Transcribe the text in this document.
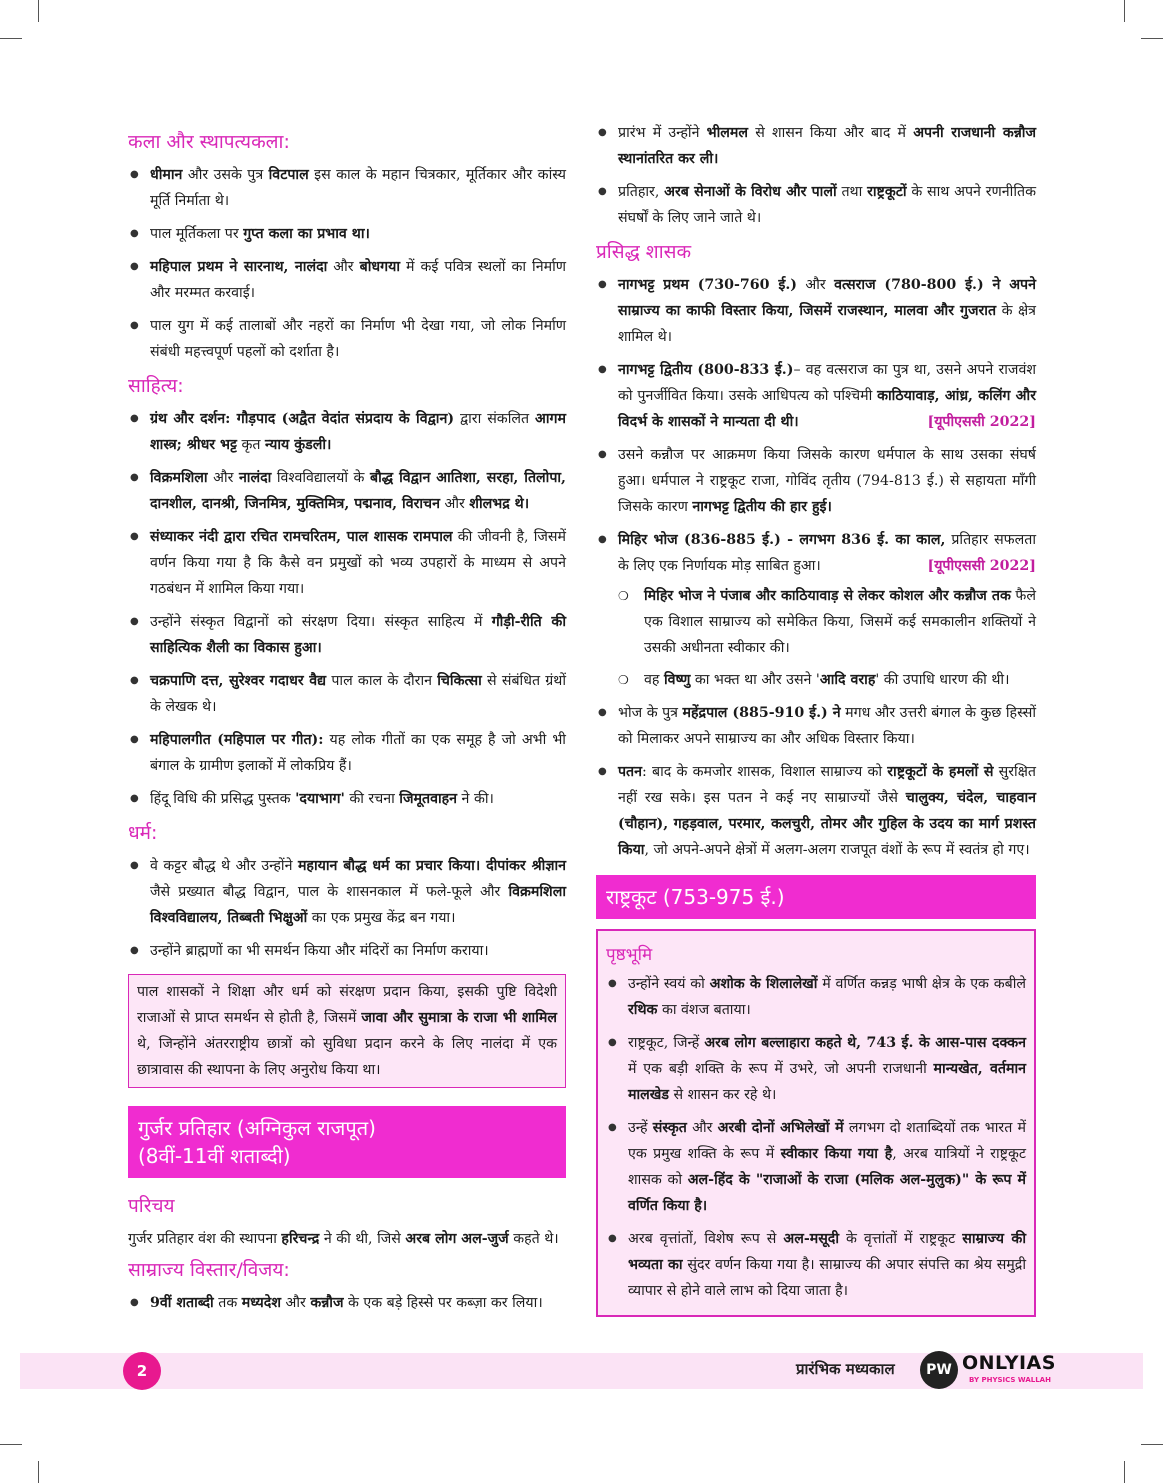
कला और स्थापत्यकला:
● धीमान और उसके पुत्र विटपाल इस काल के महान चित्रकार, मूर्तिकार और कांस्य मूर्ति निर्माता थे।
● पाल मूर्तिकला पर गुप्त कला का प्रभाव था।
● महिपाल प्रथम ने सारनाथ, नालंदा और बोधगया में कई पवित्र स्थलों का निर्माण और मरम्मत करवाई।
● पाल युग में कई तालाबों और नहरों का निर्माण भी देखा गया, जो लोक निर्माण संबंधी महत्त्वपूर्ण पहलों को दर्शाता है।
साहित्य:
● ग्रंथ और दर्शन: गौड़पाद (अद्वैत वेदांत संप्रदाय के विद्वान) द्वारा संकलित आगम शास्त्र; श्रीधर भट्ट कृत न्याय कुंडली।
● विक्रमशिला और नालंदा विश्वविद्यालयों के बौद्ध विद्वान आतिशा, सरहा, तिलोपा, दानशील, दानश्री, जिनमित्र, मुक्तिमित्र, पद्मनाव, विराचन और शीलभद्र थे।
● संध्याकर नंदी द्वारा रचित रामचरितम, पाल शासक रामपाल की जीवनी है, जिसमें वर्णन किया गया है कि कैसे वन प्रमुखों को भव्य उपहारों के माध्यम से अपने गठबंधन में शामिल किया गया।
● उन्होंने संस्कृत विद्वानों को संरक्षण दिया। संस्कृत साहित्य में गौड़ी-रीति की साहित्यिक शैली का विकास हुआ।
● चक्रपाणि दत्त, सुरेश्वर गदाधर वैद्य पाल काल के दौरान चिकित्सा से संबंधित ग्रंथों के लेखक थे।
● महिपालगीत (महिपाल पर गीत): यह लोक गीतों का एक समूह है जो अभी भी बंगाल के ग्रामीण इलाकों में लोकप्रिय हैं।
● हिंदू विधि की प्रसिद्ध पुस्तक 'दयाभाग' की रचना जिमूतवाहन ने की।
धर्म:
● वे कट्टर बौद्ध थे और उन्होंने महायान बौद्ध धर्म का प्रचार किया। दीपांकर श्रीज्ञान जैसे प्रख्यात बौद्ध विद्वान, पाल के शासनकाल में फले-फूले और विक्रमशिला विश्वविद्यालय, तिब्बती भिक्षुओं का एक प्रमुख केंद्र बन गया।
● उन्होंने ब्राह्मणों का भी समर्थन किया और मंदिरों का निर्माण कराया।
पाल शासकों ने शिक्षा और धर्म को संरक्षण प्रदान किया, इसकी पुष्टि विदेशी राजाओं से प्राप्त समर्थन से होती है, जिसमें जावा और सुमात्रा के राजा भी शामिल थे, जिन्होंने अंतरराष्ट्रीय छात्रों को सुविधा प्रदान करने के लिए नालंदा में एक छात्रावास की स्थापना के लिए अनुरोध किया था।
गुर्जर प्रतिहार (अग्निकुल राजपूत)
(8वीं-11वीं शताब्दी)
परिचय

गुर्जर प्रतिहार वंश की स्थापना हरिचन्द्र ने की थी, जिसे अरब लोग अल-जुर्ज कहते थे।

साम्राज्य विस्तार/विजय:
● 9वीं शताब्दी तक मध्यदेश और कन्नौज के एक बड़े हिस्से पर कब्ज़ा कर लिया।
● प्रारंभ में उन्होंने भीलमल से शासन किया और बाद में अपनी राजधानी कन्नौज स्थानांतरित कर ली।
● प्रतिहार, अरब सेनाओं के विरोध और पालों तथा राष्ट्रकूटों के साथ अपने रणनीतिक संघर्षों के लिए जाने जाते थे।
प्रसिद्ध शासक
● नागभट्ट प्रथम (730-760 ई.) और वत्सराज (780-800 ई.) ने अपने साम्राज्य का काफी विस्तार किया, जिसमें राजस्थान, मालवा और गुजरात के क्षेत्र शामिल थे।
● नागभट्ट द्वितीय (800-833 ई.)– वह वत्सराज का पुत्र था, उसने अपने राजवंश को पुनर्जीवित किया। उसके आधिपत्य को पश्चिमी काठियावाड़, आंध्र, कलिंग और विदर्भ के शासकों ने मान्यता दी थी।	[यूपीएससी 2022]
● उसने कन्नौज पर आक्रमण किया जिसके कारण धर्मपाल के साथ उसका संघर्ष हुआ। धर्मपाल ने राष्ट्रकूट राजा, गोविंद तृतीय (794-813 ई.) से सहायता माँगी जिसके कारण नागभट्ट द्वितीय की हार हुई।
● मिहिर भोज (836-885 ई.) - लगभग 836 ई. का काल, प्रतिहार सफलता के लिए एक निर्णायक मोड़ साबित हुआ।	[यूपीएससी 2022]
❍ मिहिर भोज ने पंजाब और काठियावाड़ से लेकर कोशल और कन्नौज तक फैले एक विशाल साम्राज्य को समेकित किया, जिसमें कई समकालीन शक्तियों ने उसकी अधीनता स्वीकार की।
❍ वह विष्णु का भक्त था और उसने 'आदि वराह' की उपाधि धारण की थी।
● भोज के पुत्र महेंद्रपाल (885-910 ई.) ने मगध और उत्तरी बंगाल के कुछ हिस्सों को मिलाकर अपने साम्राज्य का और अधिक विस्तार किया।
● पतन: बाद के कमजोर शासक, विशाल साम्राज्य को राष्ट्रकूटों के हमलों से सुरक्षित नहीं रख सके। इस पतन ने कई नए साम्राज्यों जैसे चालुक्य, चंदेल, चाहवान (चौहान), गहड़वाल, परमार, कलचुरी, तोमर और गुहिल के उदय का मार्ग प्रशस्त किया, जो अपने-अपने क्षेत्रों में अलग-अलग राजपूत वंशों के रूप में स्वतंत्र हो गए।
राष्ट्रकूट (753-975 ई.)
पृष्ठभूमि
● उन्होंने स्वयं को अशोक के शिलालेखों में वर्णित कन्नड़ भाषी क्षेत्र के एक कबीले रथिक का वंशज बताया।
● राष्ट्रकूट, जिन्हें अरब लोग बल्लाहारा कहते थे, 743 ई. के आस-पास दक्कन में एक बड़ी शक्ति के रूप में उभरे, जो अपनी राजधानी मान्यखेत, वर्तमान मालखेड से शासन कर रहे थे।
● उन्हें संस्कृत और अरबी दोनों अभिलेखों में लगभग दो शताब्दियों तक भारत में एक प्रमुख शक्ति के रूप में स्वीकार किया गया है, अरब यात्रियों ने राष्ट्रकूट शासक को अल-हिंद के "राजाओं के राजा (मलिक अल-मुलुक)" के रूप में वर्णित किया है।
● अरब वृत्तांतों, विशेष रूप से अल-मसूदी के वृत्तांतों में राष्ट्रकूट साम्राज्य की भव्यता का सुंदर वर्णन किया गया है। साम्राज्य की अपार संपत्ति का श्रेय समुद्री व्यापार से होने वाले लाभ को दिया जाता है।
2	प्रारंभिक मध्यकाल	PW ONLYIAS
BY PHYSICS WALLAH
